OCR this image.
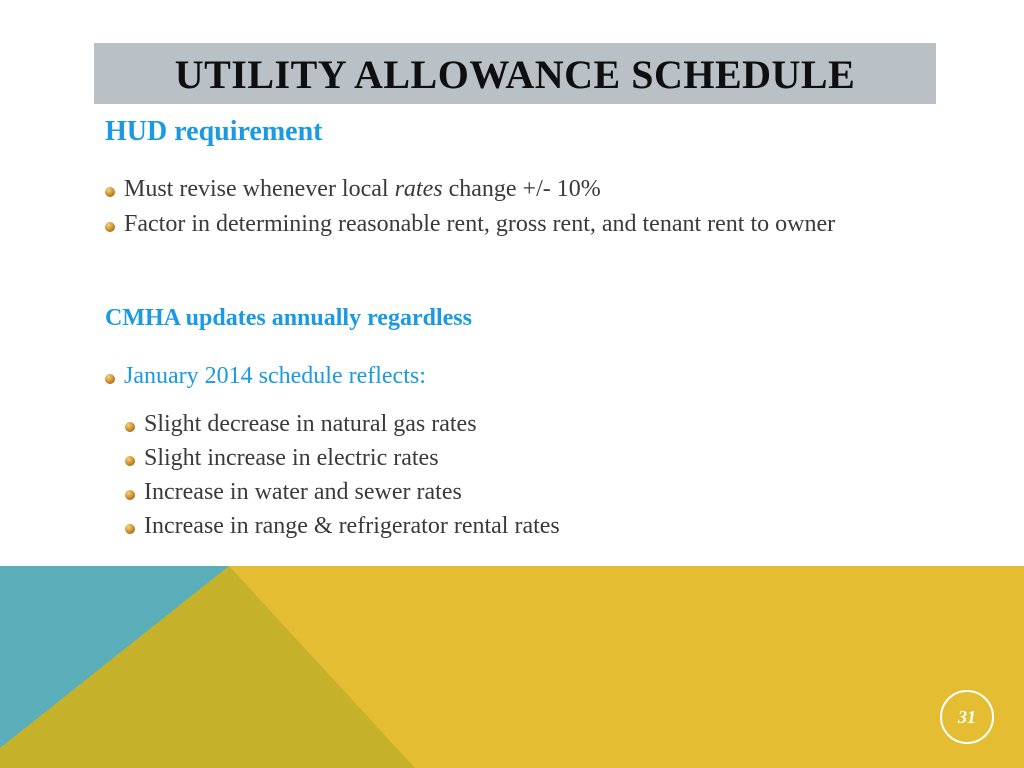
UTILITY ALLOWANCE SCHEDULE
HUD requirement
Must revise whenever local rates change +/- 10%
Factor in determining reasonable rent, gross rent, and tenant rent to owner
CMHA updates annually regardless
January 2014 schedule reflects:
Slight decrease in natural gas rates
Slight increase in electric rates
Increase in water and sewer rates
Increase in range & refrigerator rental rates
31
